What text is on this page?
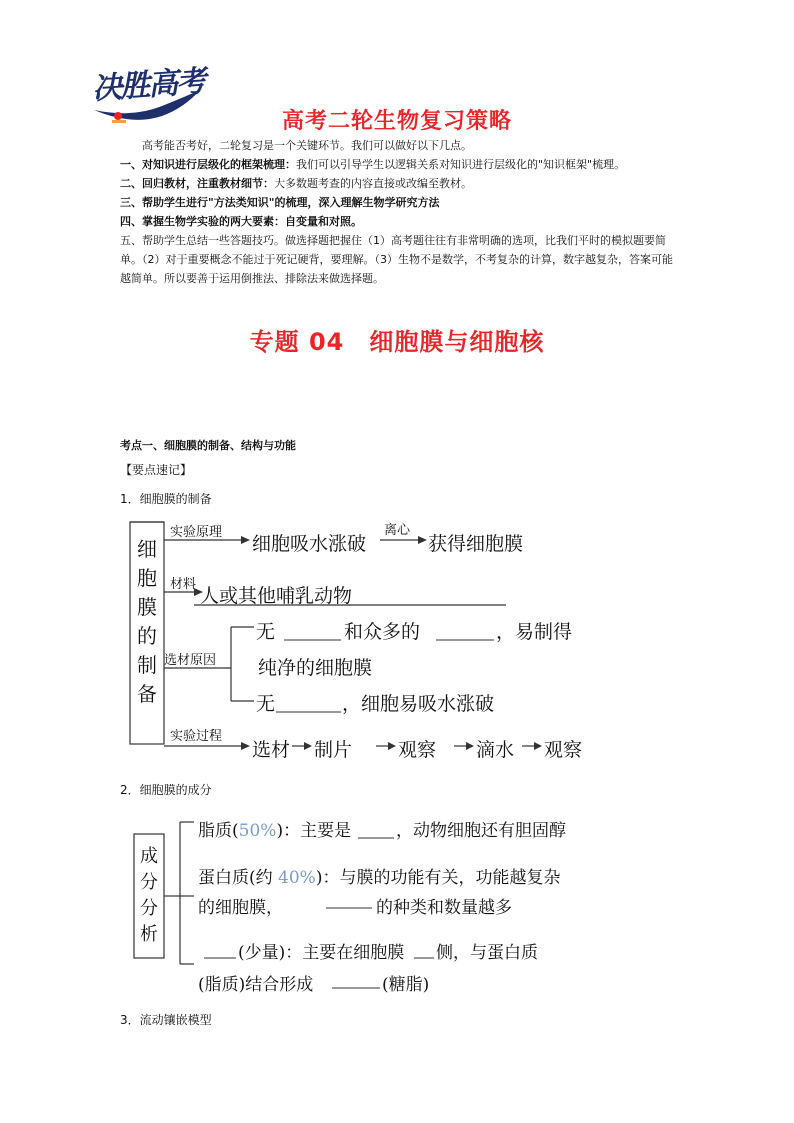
决胜高考
高考二轮生物复习策略

高考能否考好，二轮复习是一个关键环节。我们可以做好以下几点。

一、对知识进行层级化的框架梳理：我们可以引导学生以逻辑关系对知识进行层级化的"知识框架"梳理。

二、回归教材，注重教材细节：大多数题考查的内容直接或改编至教材。

三、帮助学生进行"方法类知识"的梳理，深入理解生物学研究方法

四、掌握生物学实验的两大要素：自变量和对照。

五、帮助学生总结一些答题技巧。做选择题把握住（1）高考题往往有非常明确的选项，比我们平时的模拟题要简单。（2）对于重要概念不能过于死记硬背，要理解。（3）生物不是数学，不考复杂的计算，数字越复杂，答案可能越简单。所以要善于运用倒推法、排除法来做选择题。

专题 04　细胞膜与细胞核
考点一、细胞膜的制备、结构与功能
【要点速记】
1．细胞膜的制备
细
胞
膜
的
制
备
实验原理
细胞吸水涨破
离心
获得细胞膜
材料
人或其他哺乳动物
选材原因
无	和众多的	，易制得
纯净的细胞膜
无	，细胞易吸水涨破
实验过程
选材 制片 观察 滴水 观察
2．细胞膜的成分
成
分
分
析
脂质(50%)：主要是	，动物细胞还有胆固醇
蛋白质(约 40%)：与膜的功能有关，功能越复杂
的细胞膜，	的种类和数量越多
(少量)：主要在细胞膜 侧，与蛋白质
(脂质)结合形成	(糖脂)
3．流动镶嵌模型
